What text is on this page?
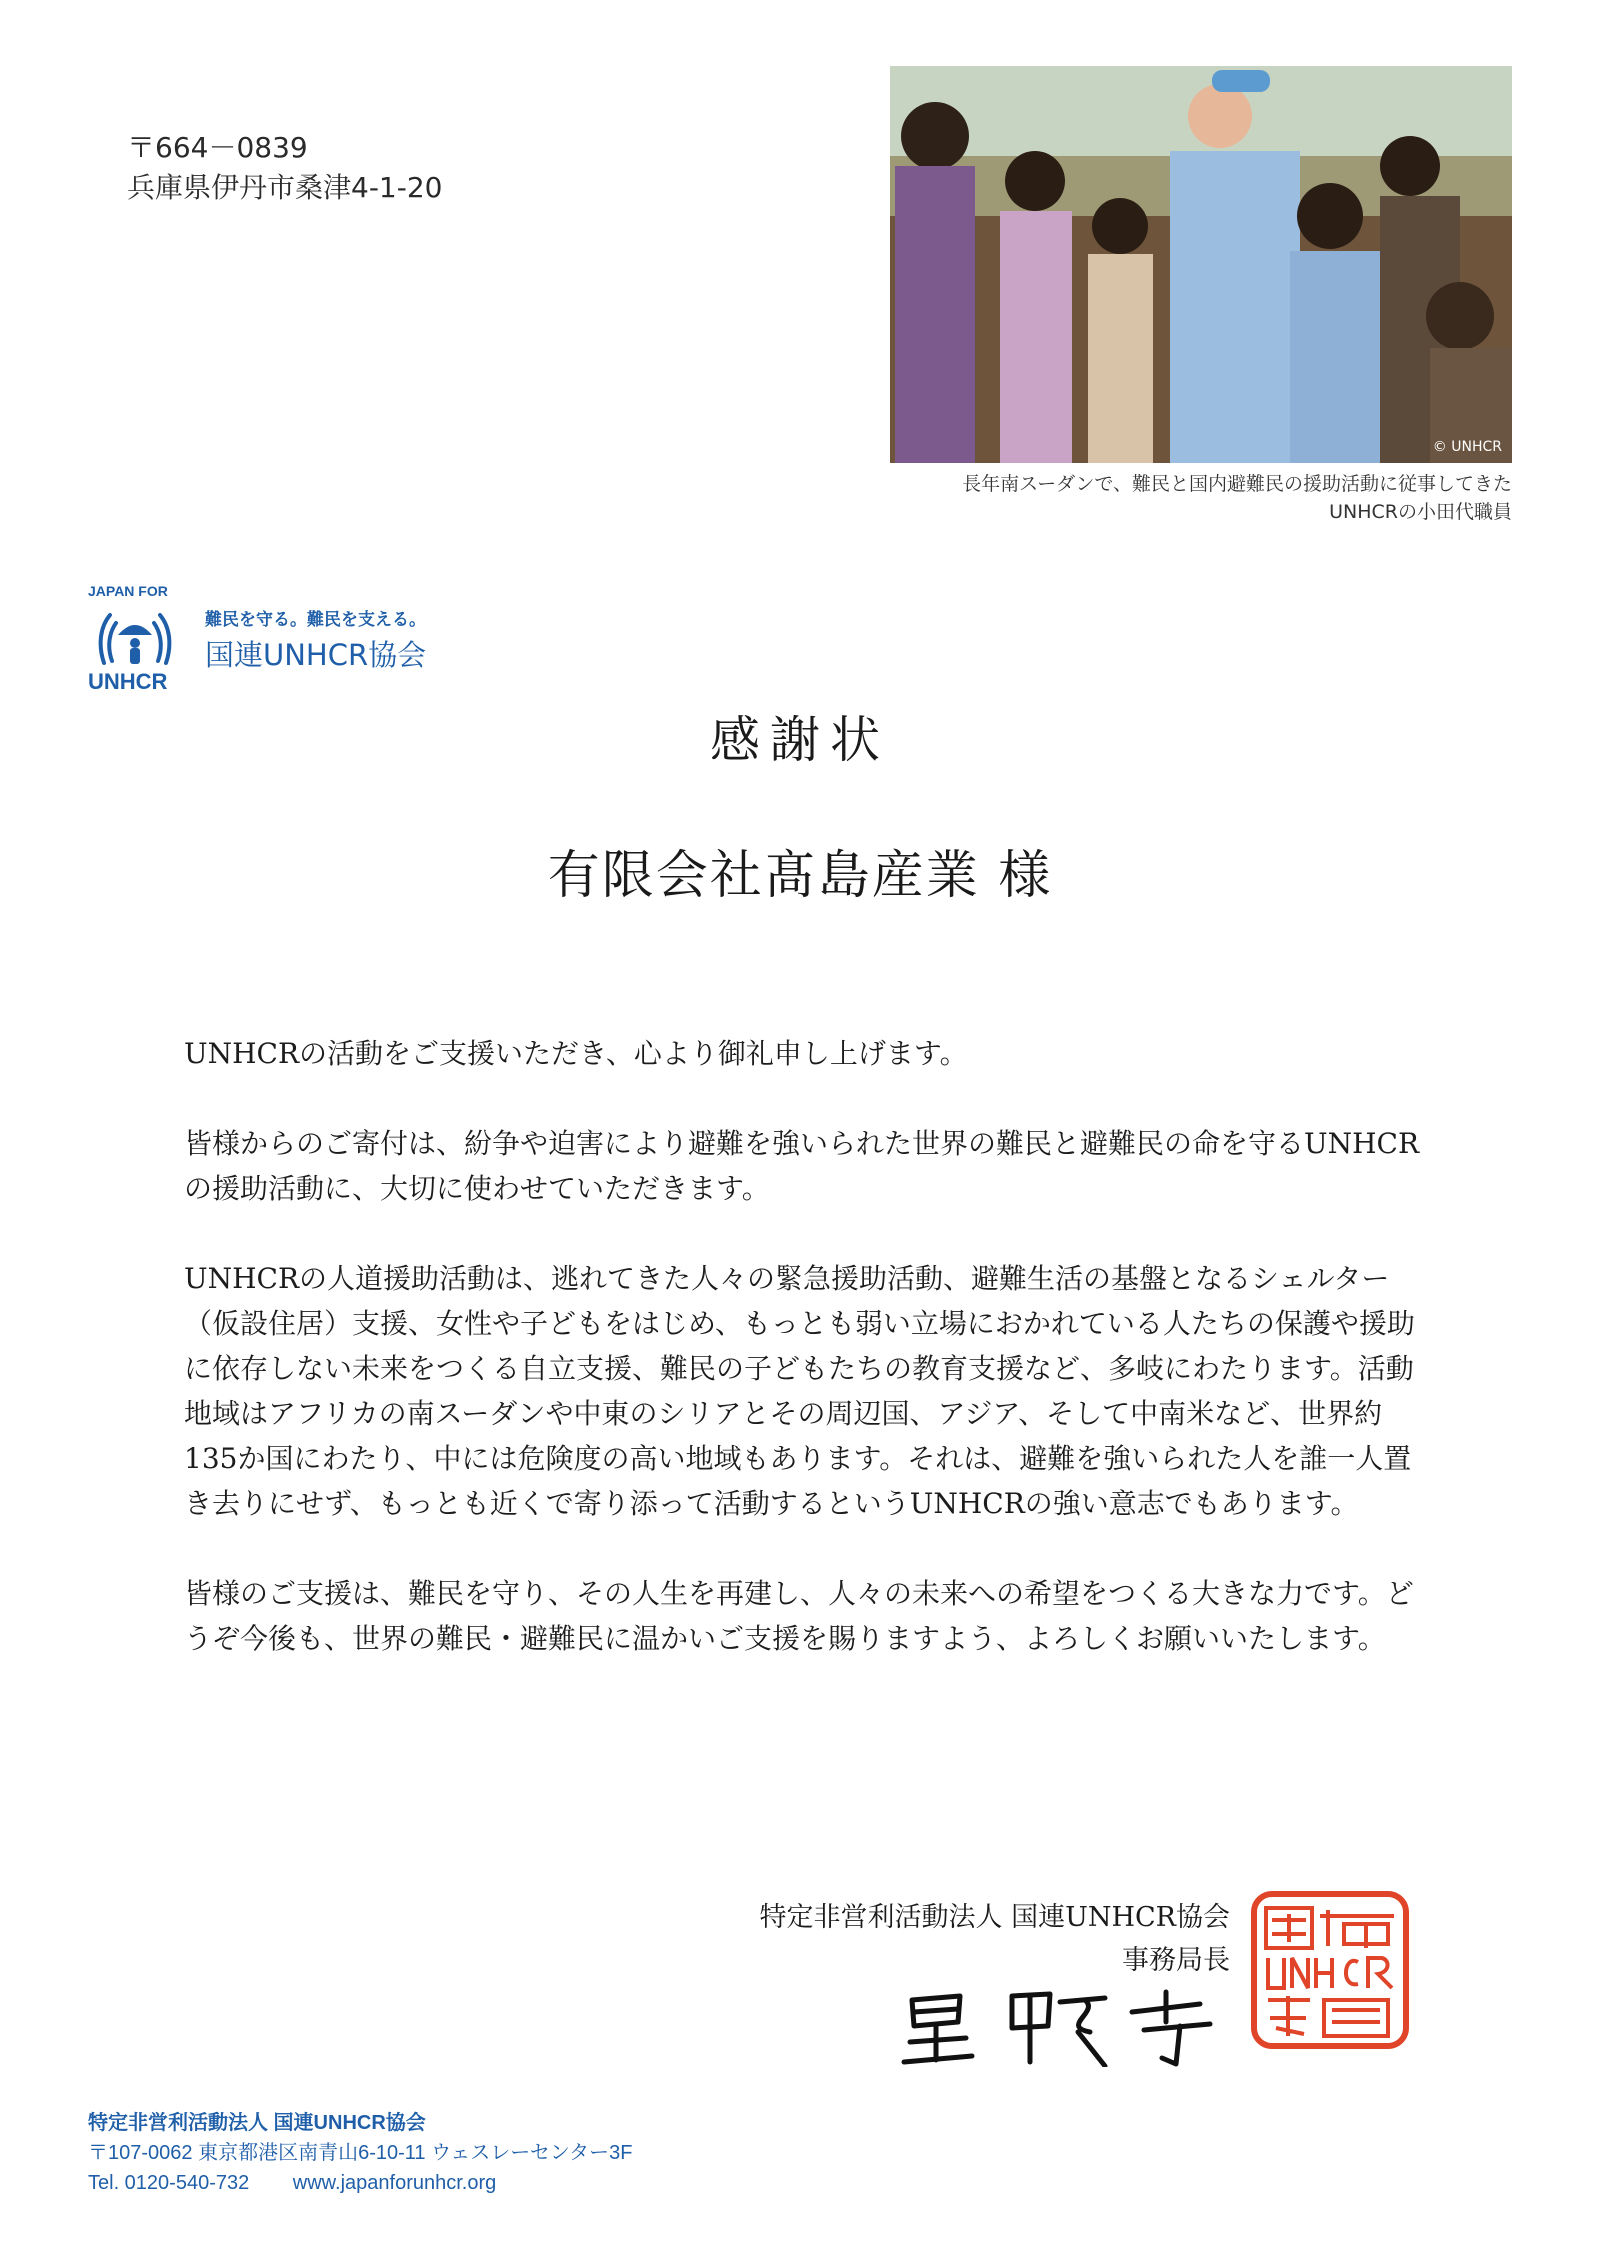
〒664－0839
兵庫県伊丹市桑津4-1-20
© UNHCR
長年南スーダンで、難民と国内避難民の援助活動に従事してきた
UNHCRの小田代職員
JAPAN FOR
UNHCR
難民を守る。難民を支える。
国連UNHCR協会
感謝状
有限会社髙島産業 様

UNHCRの活動をご支援いただき、心より御礼申し上げます。

皆様からのご寄付は、紛争や迫害により避難を強いられた世界の難民と避難民の命を守るUNHCRの援助活動に、大切に使わせていただきます。

UNHCRの人道援助活動は、逃れてきた人々の緊急援助活動、避難生活の基盤となるシェルター（仮設住居）支援、女性や子どもをはじめ、もっとも弱い立場におかれている人たちの保護や援助に依存しない未来をつくる自立支援、難民の子どもたちの教育支援など、多岐にわたります。活動地域はアフリカの南スーダンや中東のシリアとその周辺国、アジア、そして中南米など、世界約135か国にわたり、中には危険度の高い地域もあります。それは、避難を強いられた人を誰一人置き去りにせず、もっとも近くで寄り添って活動するというUNHCRの強い意志でもあります。

皆様のご支援は、難民を守り、その人生を再建し、人々の未来への希望をつくる大きな力です。どうぞ今後も、世界の難民・避難民に温かいご支援を賜りますよう、よろしくお願いいたします。

特定非営利活動法人 国連UNHCR協会
事務局長
特定非営利活動法人 国連UNHCR協会
〒107-0062 東京都港区南青山6-10-11 ウェスレーセンター3F
Tel. 0120-540-732 www.japanforunhcr.org
